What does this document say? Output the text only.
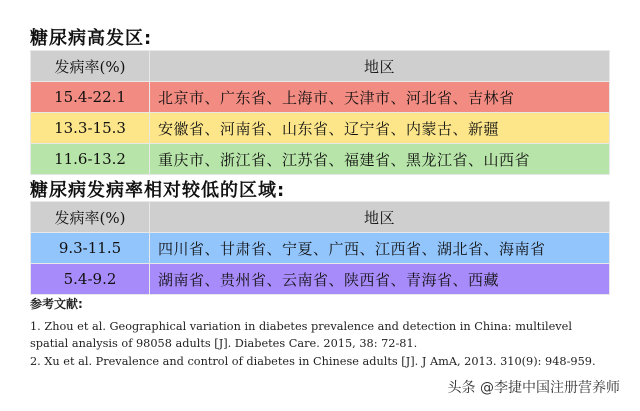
糖尿病高发区:
发病率(%)	地区
15.4-22.1	北京市、广东省、上海市、天津市、河北省、吉林省
13.3-15.3	安徽省、河南省、山东省、辽宁省、内蒙古、新疆
11.6-13.2	重庆市、浙江省、江苏省、福建省、黑龙江省、山西省
糖尿病发病率相对较低的区域:
发病率(%)	地区
9.3-11.5	四川省、甘肃省、宁夏、广西、江西省、湖北省、海南省
5.4-9.2	湖南省、贵州省、云南省、陕西省、青海省、西藏
参考文献:
1. Zhou et al. Geographical variation in diabetes prevalence and detection in China: multilevel
spatial analysis of 98058 adults [J]. Diabetes Care. 2015, 38: 72-81.
2. Xu et al. Prevalence and control of diabetes in Chinese adults [J]. J AmA, 2013. 310(9): 948-959.
头条 @李捷中国注册营养师
